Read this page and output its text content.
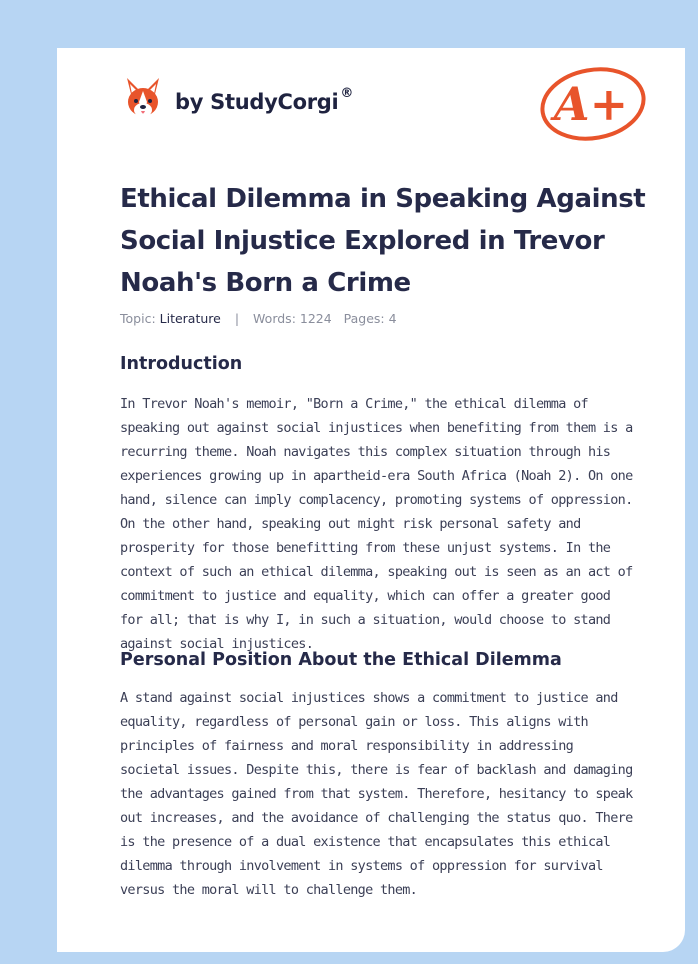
by StudyCorgi ®	A+
Ethical Dilemma in Speaking Against Social Injustice Explored in Trevor Noah's Born a Crime
Topic: Literature | Words: 1224 Pages: 4
Introduction

In Trevor Noah's memoir, "Born a Crime," the ethical dilemma of speaking out against social injustices when benefiting from them is a recurring theme. Noah navigates this complex situation through his experiences growing up in apartheid-era South Africa (Noah 2). On one hand, silence can imply complacency, promoting systems of oppression. On the other hand, speaking out might risk personal safety and prosperity for those benefitting from these unjust systems. In the context of such an ethical dilemma, speaking out is seen as an act of commitment to justice and equality, which can offer a greater good for all; that is why I, in such a situation, would choose to stand against social injustices.

Personal Position About the Ethical Dilemma

A stand against social injustices shows a commitment to justice and equality, regardless of personal gain or loss. This aligns with principles of fairness and moral responsibility in addressing societal issues. Despite this, there is fear of backlash and damaging the advantages gained from that system. Therefore, hesitancy to speak out increases, and the avoidance of challenging the status quo. There is the presence of a dual existence that encapsulates this ethical dilemma through involvement in systems of oppression for survival versus the moral will to challenge them.
